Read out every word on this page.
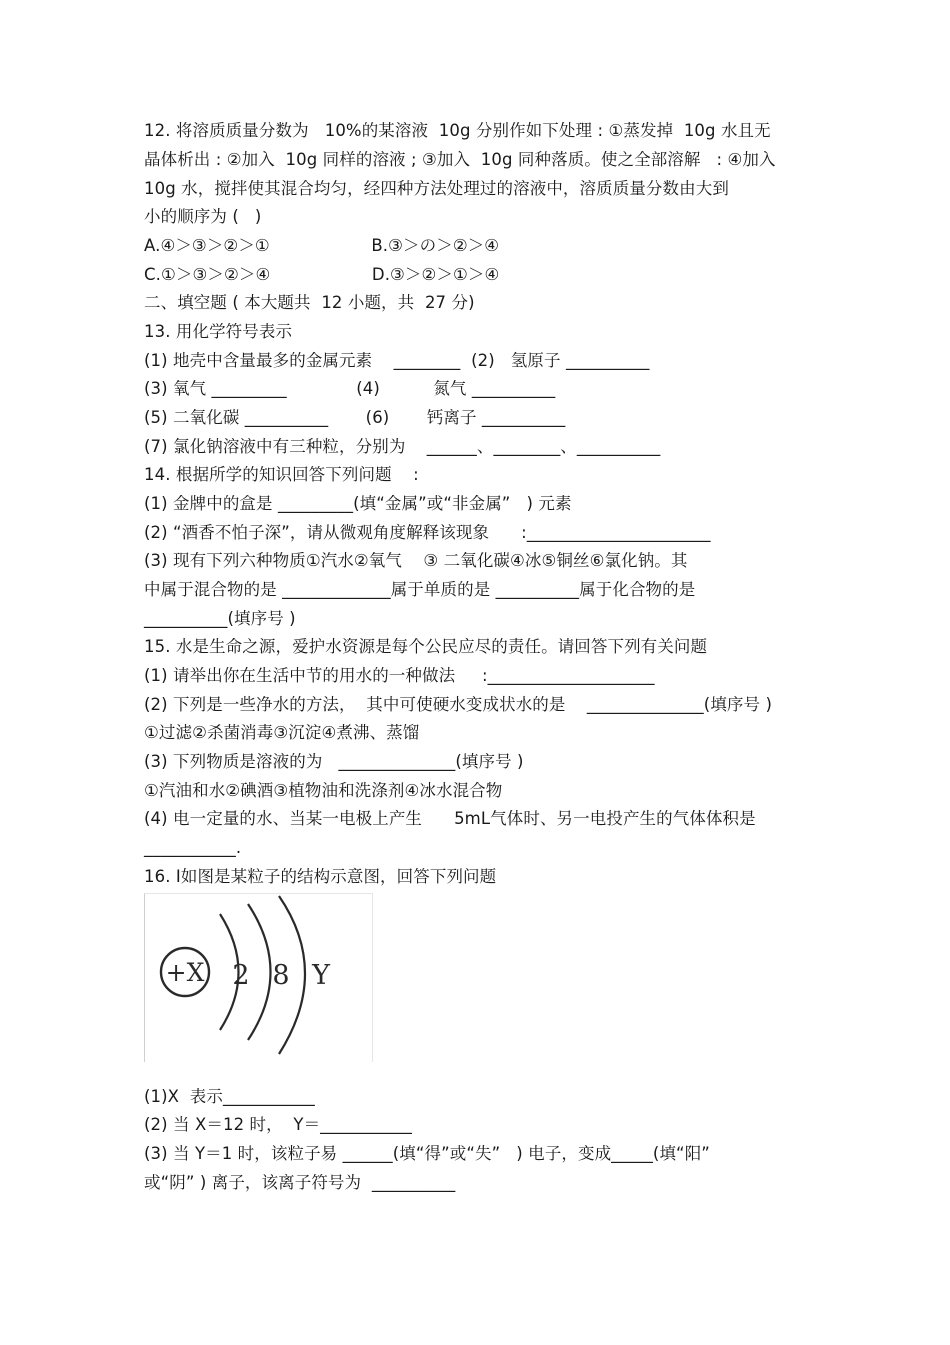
12. 将溶质质量分数为   10%的某溶液  10g 分别作如下处理 : ①蒸发掉  10g 水且无
晶体析出 : ②加入  10g 同样的溶液 ; ③加入  10g 同种落质。使之全部溶解   : ④加入
10g 水，搅拌使其混合均匀，经四种方法处理过的溶液中，溶质质量分数由大到
小的顺序为 (   )
A.④＞③＞②＞①                   B.③＞の＞②＞④
C.①＞③＞②＞④                   D.③＞②＞①＞④
二、填空题 ( 本大题共  12 小题，共  27 分)
13. 用化学符号表示
(1) 地壳中含量最多的金属元素    ________  (2)   氢原子 __________
(3) 氧气 _________             (4)          氮气 __________
(5) 二氧化碳 __________       (6)       钙离子 __________
(7) 氯化钠溶液中有三种粒，分别为    ______、________、__________
14. 根据所学的知识回答下列问题    :
(1) 金牌中的盒是 _________(填“金属”或“非金属”   ) 元素
(2) “酒香不怕子深”，请从微观角度解释该现象      :______________________
(3) 现有下列六种物质①汽水②氧气    ③ 二氧化碳④冰⑤铜丝⑥氯化钠。其
中属于混合物的是 _____________属于单质的是 __________属于化合物的是
__________(填序号 )
15. 水是生命之源，爱护水资源是每个公民应尽的责任。请回答下列有关问题
(1) 请举出你在生活中节的用水的一种做法     :____________________
(2) 下列是一些净水的方法，  其中可使硬水变成状水的是    ______________(填序号 )
①过滤②杀菌消毒③沉淀④煮沸、蒸馏
(3) 下列物质是溶液的为   ______________(填序号 )
①汽油和水②碘酒③植物油和洗涤剂④冰水混合物
(4) 电一定量的水、当某一电极上产生      5mL气体时、另一电投产生的气体体积是
___________.
16. Ⅰ如图是某粒子的结构示意图，回答下列问题
+X 2 8 Y
(1)X  表示___________
(2) 当 X＝12 时，  Y＝___________
(3) 当 Y＝1 时，该粒子易 ______(填“得”或“失”   ) 电子，变成_____(填“阳”
或“阴” ) 离子，该离子符号为  __________
